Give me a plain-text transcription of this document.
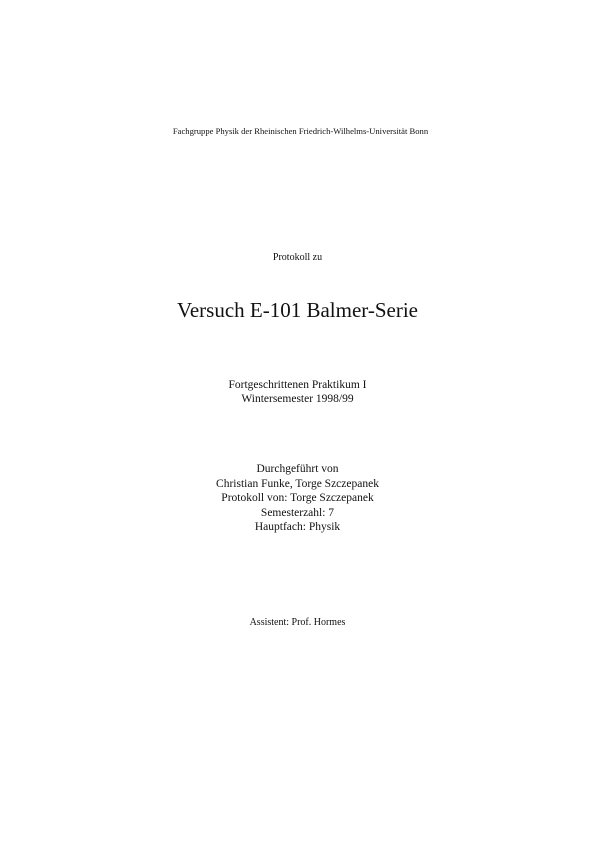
Fachgruppe Physik der Rheinischen Friedrich-Wilhelms-Universität Bonn
Protokoll zu
Versuch E-101 Balmer-Serie
Fortgeschrittenen Praktikum I
Wintersemester 1998/99
Durchgeführt von
Christian Funke, Torge Szczepanek
Protokoll von: Torge Szczepanek
Semesterzahl: 7
Hauptfach: Physik
Assistent: Prof. Hormes
